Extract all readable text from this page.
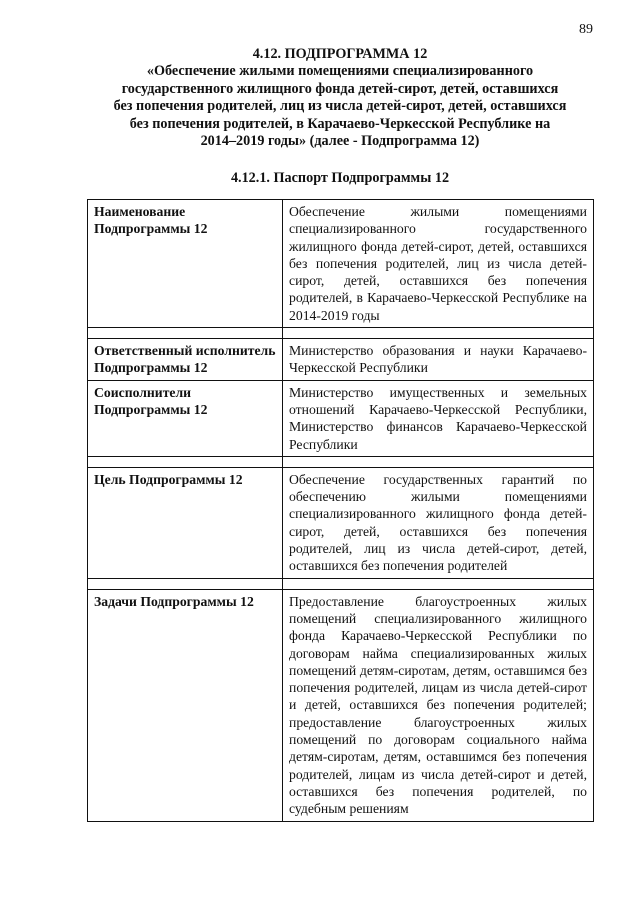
89
4.12. ПОДПРОГРАММА 12
«Обеспечение жилыми помещениями специализированного
государственного жилищного фонда детей-сирот, детей, оставшихся
без попечения родителей, лиц из числа детей-сирот, детей, оставшихся
без попечения родителей, в Карачаево-Черкесской Республике на
2014–2019 годы» (далее - Подпрограмма 12)
4.12.1. Паспорт Подпрограммы 12
Наименование Подпрограммы 12	Обеспечение жилыми помещениями специализированного государственного жилищного фонда детей-сирот, детей, оставшихся без попечения родителей, лиц из числа детей-сирот, детей, оставшихся без попечения родителей, в Карачаево-Черкесской Республике на 2014-2019 годы

Ответственный исполнитель Подпрограммы 12	Министерство образования и науки Карачаево-Черкесской Республики
Соисполнители Подпрограммы 12	Министерство имущественных и земельных отношений Карачаево-Черкесской Республики, Министерство финансов Карачаево-Черкесской Республики

Цель Подпрограммы 12	Обеспечение государственных гарантий по обеспечению жилыми помещениями специализированного жилищного фонда детей-сирот, детей, оставшихся без попечения родителей, лиц из числа детей-сирот, детей, оставшихся без попечения родителей

Задачи Подпрограммы 12	Предоставление благоустроенных жилых помещений специализированного жилищного фонда Карачаево-Черкесской Республики по договорам найма специализированных жилых помещений детям-сиротам, детям, оставшимся без попечения родителей, лицам из числа детей-сирот и детей, оставшихся без попечения родителей; предоставление благоустроенных жилых помещений по договорам социального найма детям-сиротам, детям, оставшимся без попечения родителей, лицам из числа детей-сирот и детей, оставшихся без попечения родителей, по судебным решениям
